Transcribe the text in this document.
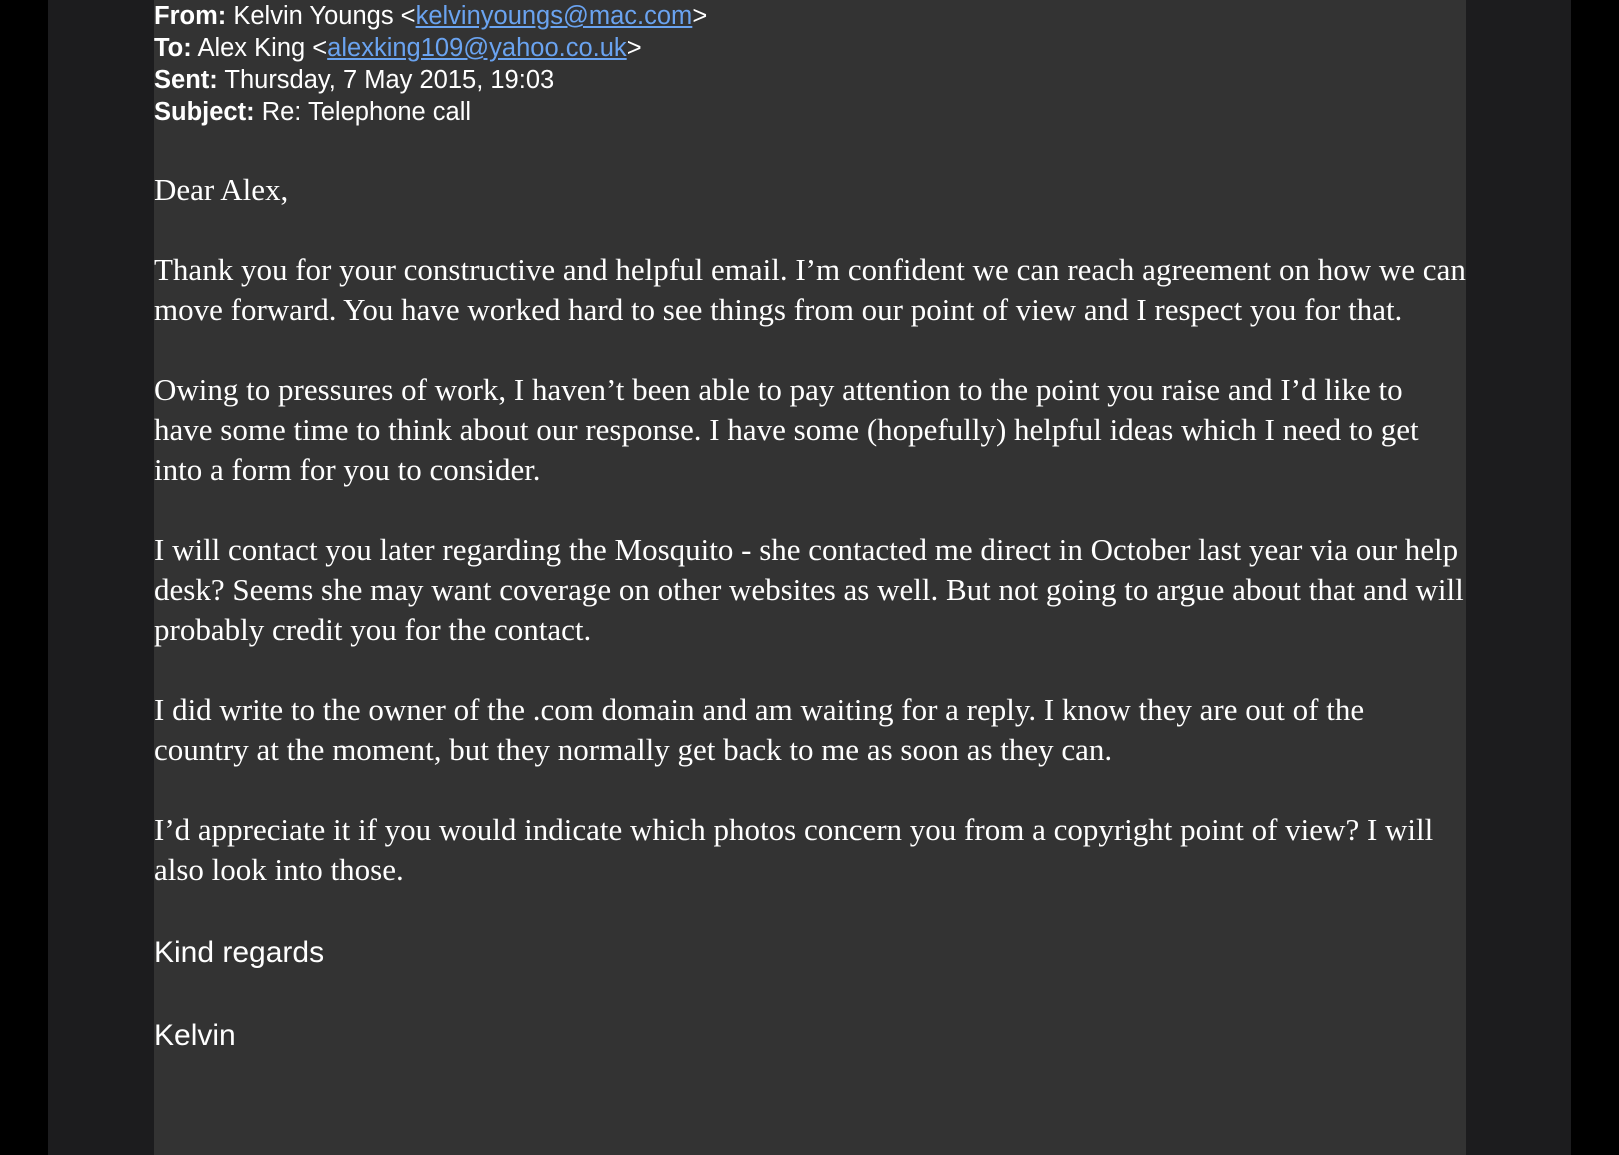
From: Kelvin Youngs <kelvinyoungs@mac.com>
To: Alex King <alexking109@yahoo.co.uk>
Sent: Thursday, 7 May 2015, 19:03
Subject: Re: Telephone call

Dear Alex,

Thank you for your constructive and helpful email. I’m confident we can reach agreement on how we can move forward. You have worked hard to see things from our point of view and I respect you for that.

Owing to pressures of work, I haven’t been able to pay attention to the point you raise and I’d like to have some time to think about our response. I have some (hopefully) helpful ideas which I need to get into a form for you to consider.

I will contact you later regarding the Mosquito - she contacted me direct in October last year via our help desk? Seems she may want coverage on other websites as well. But not going to argue about that and will probably credit you for the contact.

I did write to the owner of the .com domain and am waiting for a reply. I know they are out of the country at the moment, but they normally get back to me as soon as they can.

I’d appreciate it if you would indicate which photos concern you from a copyright point of view? I will also look into those.

Kind regards

Kelvin
